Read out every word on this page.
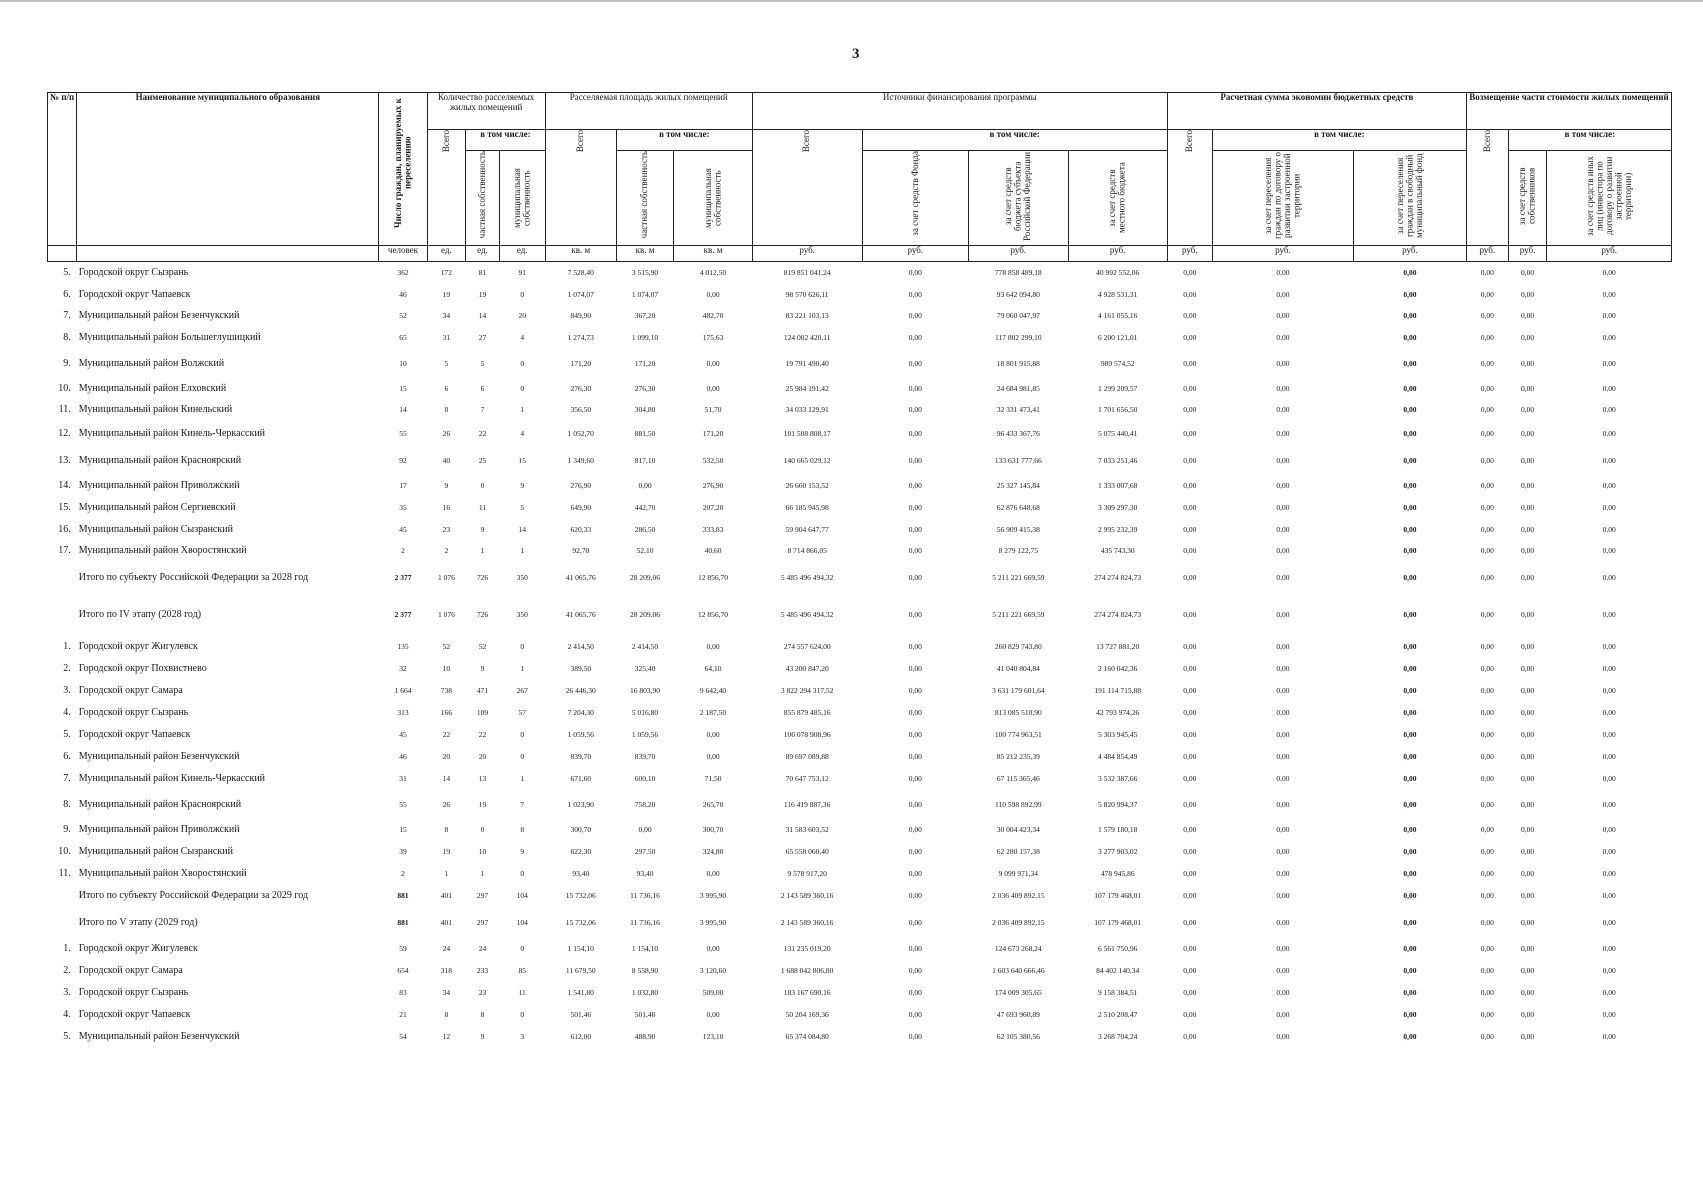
3
№ п/п	Наименование муниципального образования	Число граждан, планируемых к переселению	Количество расселяемых жилых помещений			Расселяемая площадь жилых помещений			Источники финансирования программы				Расчетная сумма экономии бюджетных средств			Возмещение части стоимости жилых помещений		

			Всего	в том числе:		Всего	в том числе:		Всего	в том числе:			Всего	в том числе:		Всего	в том числе:	

				частная собственность	муниципальная собственность		частная собственность	муниципальная собственность		за счет средств Фонда	за счет средств бюджета субъекта Российской Федерации	за счет средств местного бюджета		за счет переселения граждан по договору о развитии застроенной территории	за счет переселения граждан в свободный муниципальный фонд		за счет средств собственников	за счет средств иных лиц (инвестора по договору о развитии застроенной территории)

		человек	ед.	ед.	ед.	кв. м	кв. м	кв. м	руб.	руб.	руб.	руб.	руб.	руб.	руб.	руб.	руб.	руб.
5.	Городской округ Сызрань	362	172	81	91	7 528,40	3 515,90	4 012,50	819 851 041,24	0,00	778 858 489,18	40 992 552,06	0,00	0,00	0,00	0,00	0,00	0,00
6.	Городской округ Чапаевск	46	19	19	0	1 074,07	1 074,07	0,00	98 570 626,11	0,00	93 642 094,80	4 928 531,31	0,00	0,00	0,00	0,00	0,00	0,00
7.	Муниципальный район Безенчукский	52	34	14	20	849,90	367,20	482,70	83 221 103,13	0,00	79 060 047,97	4 161 055,16	0,00	0,00	0,00	0,00	0,00	0,00
8.	Муниципальный район Большеглушицкий	65	31	27	4	1 274,73	1 099,10	175,63	124 002 420,11	0,00	117 802 299,10	6 200 121,01	0,00	0,00	0,00	0,00	0,00	0,00
9.	Муниципальный район Волжский	10	5	5	0	171,20	171,20	0,00	19 791 490,40	0,00	18 801 915,88	989 574,52	0,00	0,00	0,00	0,00	0,00	0,00
10.	Муниципальный район Елховский	15	6	6	0	276,30	276,30	0,00	25 984 191,42	0,00	24 684 981,85	1 299 209,57	0,00	0,00	0,00	0,00	0,00	0,00
11.	Муниципальный район Кинельский	14	8	7	1	356,50	304,80	51,70	34 033 129,91	0,00	32 331 473,41	1 701 656,50	0,00	0,00	0,00	0,00	0,00	0,00
12.	Муниципальный район Кинель-Черкасский	55	26	22	4	1 052,70	881,50	171,20	101 508 808,17	0,00	96 433 367,76	5 075 440,41	0,00	0,00	0,00	0,00	0,00	0,00
13.	Муниципальный район Красноярский	92	40	25	15	1 349,60	817,10	532,50	140 665 029,12	0,00	133 631 777,66	7 033 251,46	0,00	0,00	0,00	0,00	0,00	0,00
14.	Муниципальный район Приволжский	17	9	0	9	276,90	0,00	276,90	26 660 153,52	0,00	25 327 145,84	1 333 007,68	0,00	0,00	0,00	0,00	0,00	0,00
15.	Муниципальный район Сергиевский	35	16	11	5	649,90	442,70	207,20	66 185 945,98	0,00	62 876 648,68	3 309 297,30	0,00	0,00	0,00	0,00	0,00	0,00
16.	Муниципальный район Сызранский	45	23	9	14	620,33	286,50	333,83	59 904 647,77	0,00	56 909 415,38	2 995 232,39	0,00	0,00	0,00	0,00	0,00	0,00
17.	Муниципальный район Хворостянский	2	2	1	1	92,70	52,10	40,60	8 714 866,05	0,00	8 279 122,75	435 743,30	0,00	0,00	0,00	0,00	0,00	0,00
	Итого по субъекту Российской Федерации за 2028 год	2 377	1 076	726	350	41 065,76	28 209,06	12 856,70	5 485 496 494,32	0,00	5 211 221 669,59	274 274 824,73	0,00	0,00	0,00	0,00	0,00	0,00
	Итого по IV этапу (2028 год)	2 377	1 076	726	350	41 065,76	28 209,06	12 856,70	5 485 496 494,32	0,00	5 211 221 669,59	274 274 824,73	0,00	0,00	0,00	0,00	0,00	0,00
1.	Городской округ Жигулевск	135	52	52	0	2 414,50	2 414,50	0,00	274 557 624,00	0,00	260 829 743,80	13 727 881,20	0,00	0,00	0,00	0,00	0,00	0,00
2.	Городской округ Похвистнево	32	10	9	1	389,50	325,40	64,10	43 200 847,20	0,00	41 040 804,84	2 160 042,36	0,00	0,00	0,00	0,00	0,00	0,00
3.	Городской округ Самара	1 664	738	471	267	26 446,30	16 803,90	9 642,40	3 822 294 317,52	0,00	3 631 179 601,64	191 114 715,88	0,00	0,00	0,00	0,00	0,00	0,00
4.	Городской округ Сызрань	313	166	109	57	7 204,30	5 016,80	2 187,50	855 879 485,16	0,00	813 085 510,90	42 793 974,26	0,00	0,00	0,00	0,00	0,00	0,00
5.	Городской округ Чапаевск	45	22	22	0	1 059,56	1 059,56	0,00	106 078 908,96	0,00	100 774 963,51	5 303 945,45	0,00	0,00	0,00	0,00	0,00	0,00
6.	Муниципальный район Безенчукский	46	20	20	0	839,70	839,70	0,00	89 697 089,88	0,00	85 212 235,39	4 484 854,49	0,00	0,00	0,00	0,00	0,00	0,00
7.	Муниципальный район Кинель-Черкасский	31	14	13	1	671,60	600,10	71,50	70 647 753,12	0,00	67 115 365,46	3 532 387,66	0,00	0,00	0,00	0,00	0,00	0,00
8.	Муниципальный район Красноярский	55	26	19	7	1 023,90	758,20	265,70	116 419 887,36	0,00	110 598 892,99	5 820 994,37	0,00	0,00	0,00	0,00	0,00	0,00
9.	Муниципальный район Приволжский	15	8	0	8	300,70	0,00	300,70	31 583 603,52	0,00	30 004 423,34	1 579 180,18	0,00	0,00	0,00	0,00	0,00	0,00
10.	Муниципальный район Сызранский	39	19	10	9	622,30	297,50	324,80	65 558 060,40	0,00	62 280 157,38	3 277 903,02	0,00	0,00	0,00	0,00	0,00	0,00
11.	Муниципальный район Хворостянский	2	1	1	0	93,40	93,40	0,00	9 578 917,20	0,00	9 099 971,34	478 945,86	0,00	0,00	0,00	0,00	0,00	0,00
	Итого по субъекту Российской Федерации за 2029 год	881	401	297	104	15 732,06	11 736,16	3 995,90	2 143 589 360,16	0,00	2 036 409 892,15	107 179 468,01	0,00	0,00	0,00	0,00	0,00	0,00
	Итого по V этапу (2029 год)	881	401	297	104	15 732,06	11 736,16	3 995,90	2 143 589 360,16	0,00	2 036 409 892,15	107 179 468,01	0,00	0,00	0,00	0,00	0,00	0,00
1.	Городской округ Жигулевск	59	24	24	0	1 154,10	1 154,10	0,00	131 235 019,20	0,00	124 673 268,24	6 561 750,96	0,00	0,00	0,00	0,00	0,00	0,00
2.	Городской округ Самара	654	318	233	85	11 679,50	8 558,90	3 120,60	1 688 042 806,80	0,00	1 603 640 666,46	84 402 140,34	0,00	0,00	0,00	0,00	0,00	0,00
3.	Городской округ Сызрань	83	34	23	11	1 541,80	1 032,80	509,00	183 167 690,16	0,00	174 009 305,65	9 158 384,51	0,00	0,00	0,00	0,00	0,00	0,00
4.	Городской округ Чапаевск	21	8	8	0	501,46	501,46	0,00	50 204 169,36	0,00	47 693 960,89	2 510 208,47	0,00	0,00	0,00	0,00	0,00	0,00
5.	Муниципальный район Безенчукский	54	12	9	3	612,00	488,90	123,10	65 374 084,80	0,00	62 105 380,56	3 268 704,24	0,00	0,00	0,00	0,00	0,00	0,00
